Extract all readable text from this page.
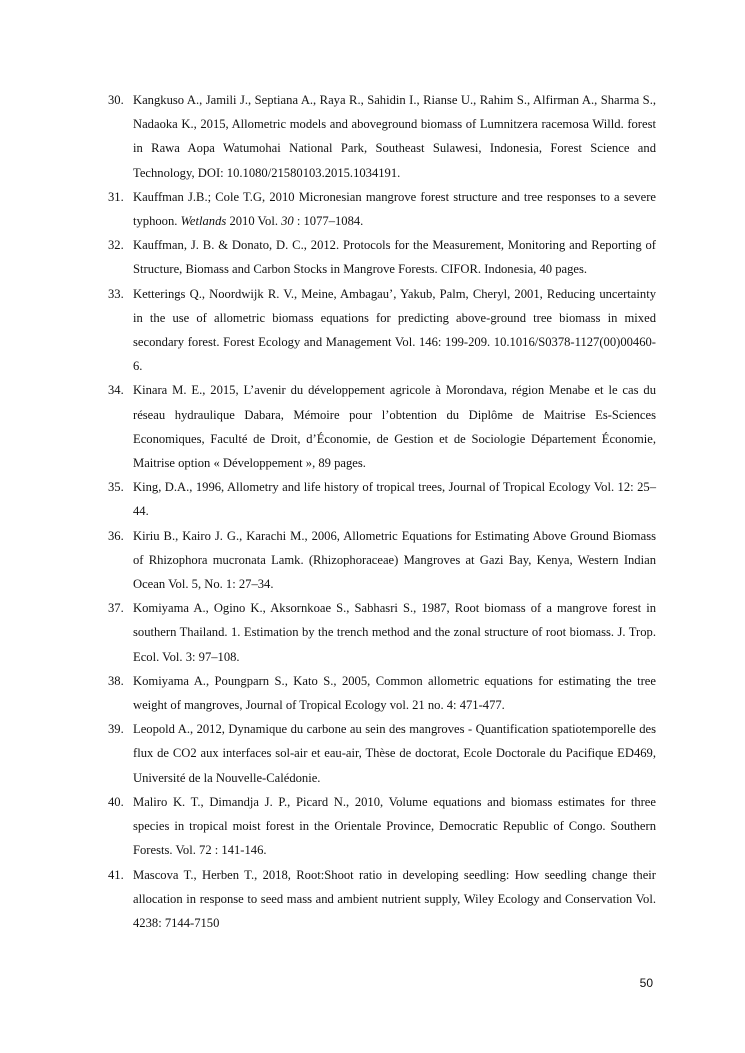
30. Kangkuso A., Jamili J., Septiana A., Raya R., Sahidin I., Rianse U., Rahim S., Alfirman A., Sharma S., Nadaoka K., 2015, Allometric models and aboveground biomass of Lumnitzera racemosa Willd. forest in Rawa Aopa Watumohai National Park, Southeast Sulawesi, Indonesia, Forest Science and Technology, DOI: 10.1080/21580103.2015.1034191.
31. Kauffman J.B.; Cole T.G, 2010 Micronesian mangrove forest structure and tree responses to a severe typhoon. Wetlands 2010 Vol. 30 : 1077–1084.
32. Kauffman, J. B. & Donato, D. C., 2012. Protocols for the Measurement, Monitoring and Reporting of Structure, Biomass and Carbon Stocks in Mangrove Forests. CIFOR. Indonesia, 40 pages.
33. Ketterings Q., Noordwijk R. V., Meine, Ambagau’, Yakub, Palm, Cheryl, 2001, Reducing uncertainty in the use of allometric biomass equations for predicting above-ground tree biomass in mixed secondary forest. Forest Ecology and Management Vol. 146: 199-209. 10.1016/S0378-1127(00)00460-6.
34. Kinara M. E., 2015, L’avenir du développement agricole à Morondava, région Menabe et le cas du réseau hydraulique Dabara, Mémoire pour l’obtention du Diplôme de Maitrise Es-Sciences Economiques, Faculté de Droit, d’Économie, de Gestion et de Sociologie Département Économie, Maitrise option « Développement », 89 pages.
35. King, D.A., 1996, Allometry and life history of tropical trees, Journal of Tropical Ecology Vol. 12: 25–44.
36. Kiriu B., Kairo J. G., Karachi M., 2006, Allometric Equations for Estimating Above Ground Biomass of Rhizophora mucronata Lamk. (Rhizophoraceae) Mangroves at Gazi Bay, Kenya, Western Indian Ocean Vol. 5, No. 1: 27–34.
37. Komiyama A., Ogino K., Aksornkoae S., Sabhasri S., 1987, Root biomass of a mangrove forest in southern Thailand. 1. Estimation by the trench method and the zonal structure of root biomass. J. Trop. Ecol. Vol. 3: 97–108.
38. Komiyama A., Poungparn S., Kato S., 2005, Common allometric equations for estimating the tree weight of mangroves, Journal of Tropical Ecology vol. 21 no. 4: 471-477.
39. Leopold A., 2012, Dynamique du carbone au sein des mangroves - Quantification spatiotemporelle des flux de CO2 aux interfaces sol-air et eau-air, Thèse de doctorat, Ecole Doctorale du Pacifique ED469, Université de la Nouvelle-Calédonie.
40. Maliro K. T., Dimandja J. P., Picard N., 2010, Volume equations and biomass estimates for three species in tropical moist forest in the Orientale Province, Democratic Republic of Congo. Southern Forests. Vol. 72 : 141-146.
41. Mascova T., Herben T., 2018, Root:Shoot ratio in developing seedling: How seedling change their allocation in response to seed mass and ambient nutrient supply, Wiley Ecology and Conservation Vol. 4238: 7144-7150
50
